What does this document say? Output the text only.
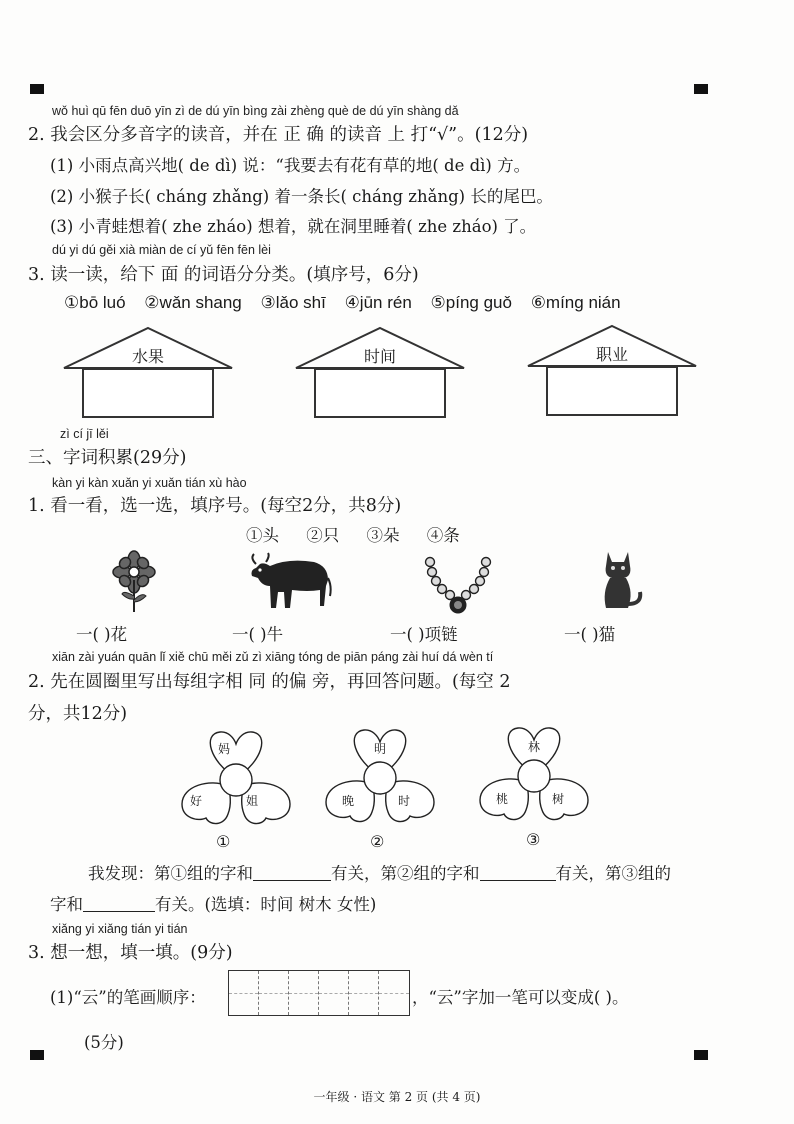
wǒ huì qū fēn duō yīn zì de dú yīn bìng zài zhèng què de dú yīn shàng dǎ
2. 我会区分多音字的读音，并在 正 确 的读音 上 打“√”。(12分)
(1) 小雨点高兴地( de dì) 说：“我要去有花有草的地( de dì) 方。
(2) 小猴子长( cháng zhǎng) 着一条长( cháng zhǎng) 长的尾巴。
(3) 小青蛙想着( zhe zháo) 想着，就在洞里睡着( zhe zháo) 了。
dú yi dú gěi xià miàn de cí yǔ fēn fēn lèi
3. 读一读，给下 面 的词语分分类。(填序号，6分)
①bō luó ②wǎn shang ③lǎo shī ④jūn rén ⑤píng guǒ ⑥míng nián
水果	时间	职业
zì cí jī lěi
三、字词积累(29分)
kàn yi kàn xuǎn yi xuǎn tián xù hào
1. 看一看，选一选，填序号。(每空2分，共8分)
①头 ②只 ③朵 ④条
一( )花	一( )牛	一( )项链	一( )猫
xiān zài yuán quān lǐ xiě chū měi zǔ zì xiāng tóng de piān páng zài huí dá wèn tí
2. 先在圆圈里写出每组字相 同 的偏 旁，再回答问题。(每空 2
分，共12分)
妈
好	姐
①
明
晚	时
②
林
桃	树
③
我发现：第①组的字和	有关，第②组的字和	有关，第③组的
字和	有关。(选填：时间 树木 女性)
xiǎng yi xiǎng tián yi tián
3. 想一想，填一填。(9分)
(1)“云”的笔画顺序：	，“云”字加一笔可以变成( )。
(5分)
一年级 · 语文 第 2 页 (共 4 页)
